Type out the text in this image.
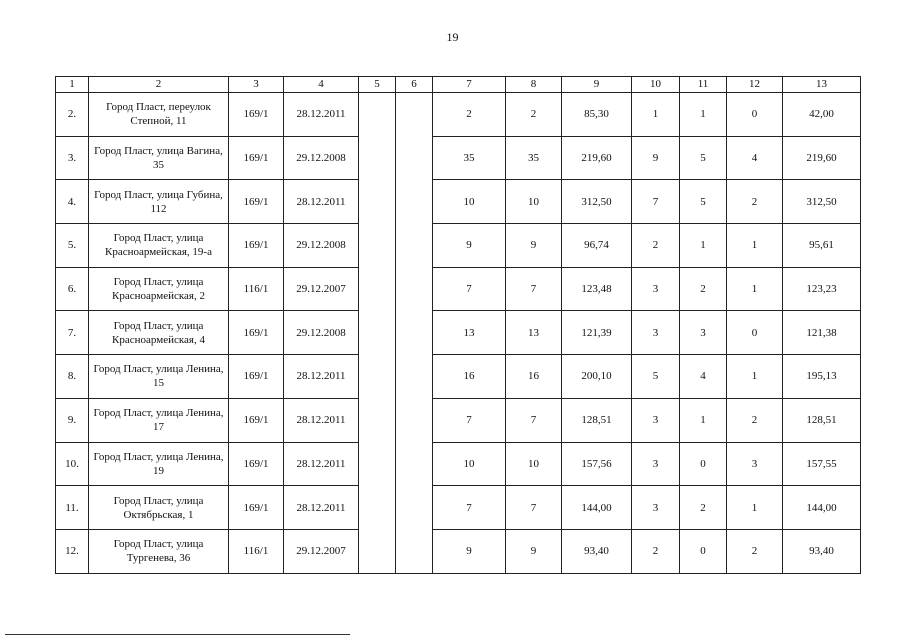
19
1	2	3	4	5	6	7	8	9	10	11	12	13
2.	Город Пласт, переулок Степной, 11	169/1	28.12.2011			2	2	85,30	1	1	0	42,00
3.	Город Пласт, улица Вагина, 35	169/1	29.12.2008			35	35	219,60	9	5	4	219,60
4.	Город Пласт, улица Губина, 112	169/1	28.12.2011			10	10	312,50	7	5	2	312,50
5.	Город Пласт, улица Красноармейская, 19-а	169/1	29.12.2008			9	9	96,74	2	1	1	95,61
6.	Город Пласт, улица Красноармейская, 2	116/1	29.12.2007			7	7	123,48	3	2	1	123,23
7.	Город Пласт, улица Красноармейская, 4	169/1	29.12.2008			13	13	121,39	3	3	0	121,38
8.	Город Пласт, улица Ленина, 15	169/1	28.12.2011			16	16	200,10	5	4	1	195,13
9.	Город Пласт, улица Ленина, 17	169/1	28.12.2011			7	7	128,51	3	1	2	128,51
10.	Город Пласт, улица Ленина, 19	169/1	28.12.2011			10	10	157,56	3	0	3	157,55
11.	Город Пласт, улица Октябрьская, 1	169/1	28.12.2011			7	7	144,00	3	2	1	144,00
12.	Город Пласт, улица Тургенева, 36	116/1	29.12.2007			9	9	93,40	2	0	2	93,40
